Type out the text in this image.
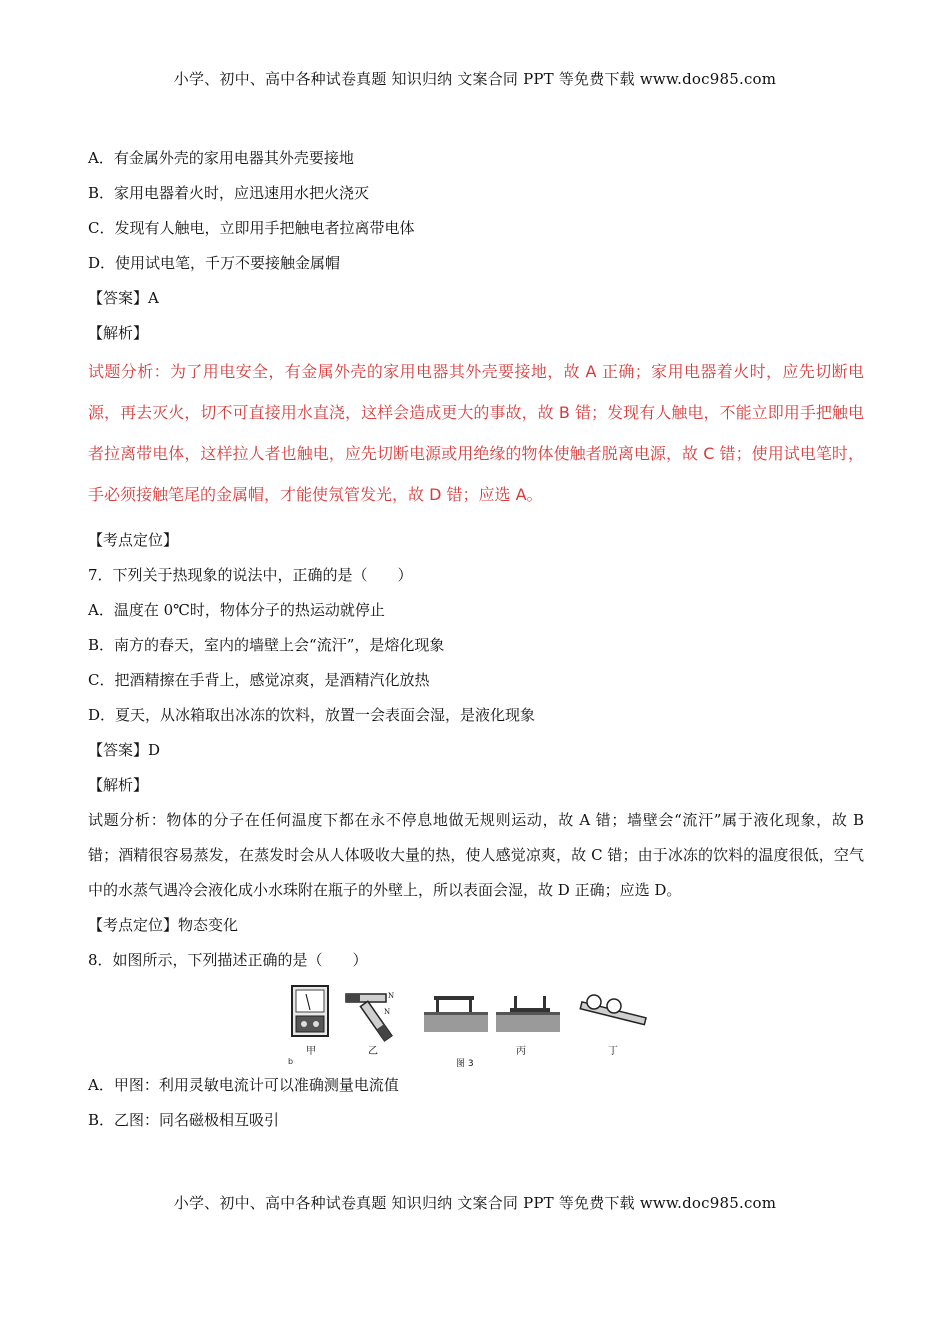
小学、初中、高中各种试卷真题 知识归纳 文案合同 PPT 等免费下载 www.doc985.com

A．有金属外壳的家用电器其外壳要接地

B．家用电器着火时，应迅速用水把火浇灭

C．发现有人触电，立即用手把触电者拉离带电体

D．使用试电笔，千万不要接触金属帽

【答案】A

【解析】

试题分析：为了用电安全，有金属外壳的家用电器其外壳要接地，故 A 正确；家用电器着火时，应先切断电源，再去灭火，切不可直接用水直浇，这样会造成更大的事故，故 B 错；发现有人触电，不能立即用手把触电者拉离带电体，这样拉人者也触电，应先切断电源或用绝缘的物体使触者脱离电源，故 C 错；使用试电笔时，手必须接触笔尾的金属帽，才能使氖管发光，故 D 错；应选 A。

【考点定位】

7．下列关于热现象的说法中，正确的是（　　）

A．温度在 0℃时，物体分子的热运动就停止

B．南方的春天，室内的墙壁上会“流汗”，是熔化现象

C．把酒精擦在手背上，感觉凉爽，是酒精汽化放热

D．夏天，从冰箱取出冰冻的饮料，放置一会表面会湿，是液化现象

【答案】D

【解析】

试题分析：物体的分子在任何温度下都在永不停息地做无规则运动，故 A 错；墙壁会“流汗”属于液化现象，故 B 错；酒精很容易蒸发，在蒸发时会从人体吸收大量的热，使人感觉凉爽，故 C 错；由于冰冻的饮料的温度很低，空气中的水蒸气遇冷会液化成小水珠附在瓶子的外壁上，所以表面会湿，故 D 正确；应选 D。

【考点定位】物态变化

8．如图所示，下列描述正确的是（　　）

N
N
b
甲	乙
图 3
丙	丁

A．甲图：利用灵敏电流计可以准确测量电流值

B．乙图：同名磁极相互吸引

小学、初中、高中各种试卷真题 知识归纳 文案合同 PPT 等免费下载 www.doc985.com
